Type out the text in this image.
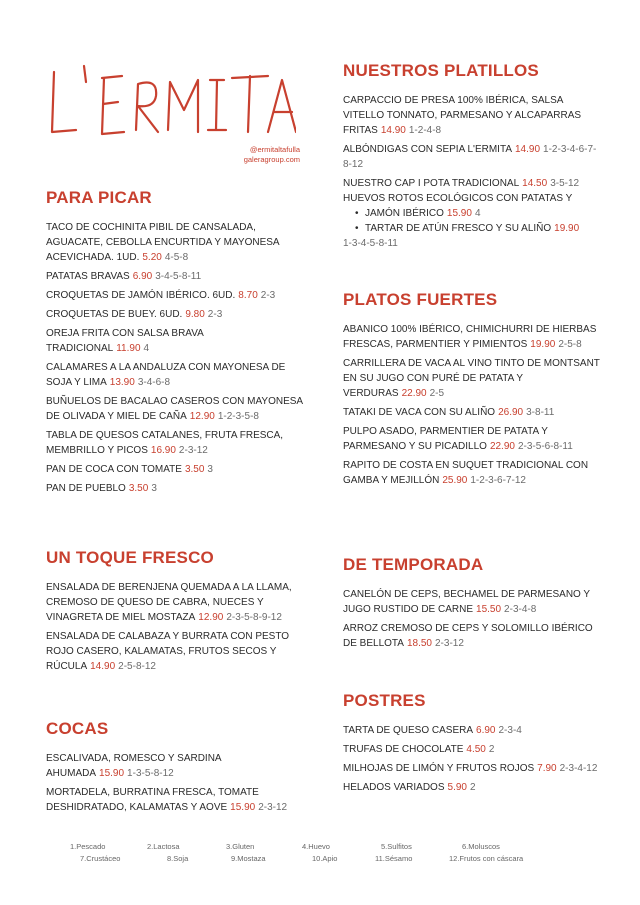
@ermitaltafulla
galeragroup.com
PARA PICAR
TACO DE COCHINITA PIBIL DE CANSALADA, AGUACATE, CEBOLLA ENCURTIDA Y MAYONESA ACEVICHADA. 1UD. 5.20 4-5-8
PATATAS BRAVAS 6.90 3-4-5-8-11
CROQUETAS DE JAMÓN IBÉRICO. 6UD. 8.70 2-3
CROQUETAS DE BUEY. 6UD. 9.80 2-3
OREJA FRITA CON SALSA BRAVA TRADICIONAL 11.90 4
CALAMARES A LA ANDALUZA CON MAYONESA DE SOJA Y LIMA 13.90 3-4-6-8
BUÑUELOS DE BACALAO CASEROS CON MAYONESA DE OLIVADA Y MIEL DE CAÑA 12.90 1-2-3-5-8
TABLA DE QUESOS CATALANES, FRUTA FRESCA, MEMBRILLO Y PICOS 16.90 2-3-12
PAN DE COCA CON TOMATE 3.50 3
PAN DE PUEBLO 3.50 3
UN TOQUE FRESCO
ENSALADA DE BERENJENA QUEMADA A LA LLAMA, CREMOSO DE QUESO DE CABRA, NUECES Y VINAGRETA DE MIEL MOSTAZA 12.90 2-3-5-8-9-12
ENSALADA DE CALABAZA Y BURRATA CON PESTO ROJO CASERO, KALAMATAS, FRUTOS SECOS Y RÚCULA 14.90 2-5-8-12
COCAS
ESCALIVADA, ROMESCO Y SARDINA AHUMADA 15.90 1-3-5-8-12
MORTADELA, BURRATINA FRESCA, TOMATE DESHIDRATADO, KALAMATAS Y AOVE 15.90 2-3-12
NUESTROS PLATILLOS
CARPACCIO DE PRESA 100% IBÉRICA, SALSA VITELLO TONNATO, PARMESANO Y ALCAPARRAS FRITAS 14.90 1-2-4-8
ALBÓNDIGAS CON SEPIA L'ERMITA 14.90 1-2-3-4-6-7-8-12
NUESTRO CAP I POTA TRADICIONAL 14.50 3-5-12
HUEVOS ROTOS ECOLÓGICOS CON PATATAS Y
• JAMÓN IBÉRICO 15.90 4
• TARTAR DE ATÚN FRESCO Y SU ALIÑO 19.90
1-3-4-5-8-11
PLATOS FUERTES
ABANICO 100% IBÉRICO, CHIMICHURRI DE HIERBAS FRESCAS, PARMENTIER Y PIMIENTOS 19.90 2-5-8
CARRILLERA DE VACA AL VINO TINTO DE MONTSANT EN SU JUGO CON PURÉ DE PATATA Y VERDURAS 22.90 2-5
TATAKI DE VACA CON SU ALIÑO 26.90 3-8-11
PULPO ASADO, PARMENTIER DE PATATA Y PARMESANO Y SU PICADILLO 22.90 2-3-5-6-8-11
RAPITO DE COSTA EN SUQUET TRADICIONAL CON GAMBA Y MEJILLÓN 25.90 1-2-3-6-7-12
DE TEMPORADA
CANELÓN DE CEPS, BECHAMEL DE PARMESANO Y JUGO RUSTIDO DE CARNE 15.50 2-3-4-8
ARROZ CREMOSO DE CEPS Y SOLOMILLO IBÉRICO DE BELLOTA 18.50 2-3-12
POSTRES
TARTA DE QUESO CASERA 6.90 2-3-4
TRUFAS DE CHOCOLATE 4.50 2
MILHOJAS DE LIMÓN Y FRUTOS ROJOS 7.90 2-3-4-12
HELADOS VARIADOS 5.90 2
1.Pescado	2.Lactosa	3.Gluten	4.Huevo	5.Sulfitos	6.Moluscos
7.Crustáceo	8.Soja	9.Mostaza	10.Apio	11.Sésamo	12.Frutos con cáscara
